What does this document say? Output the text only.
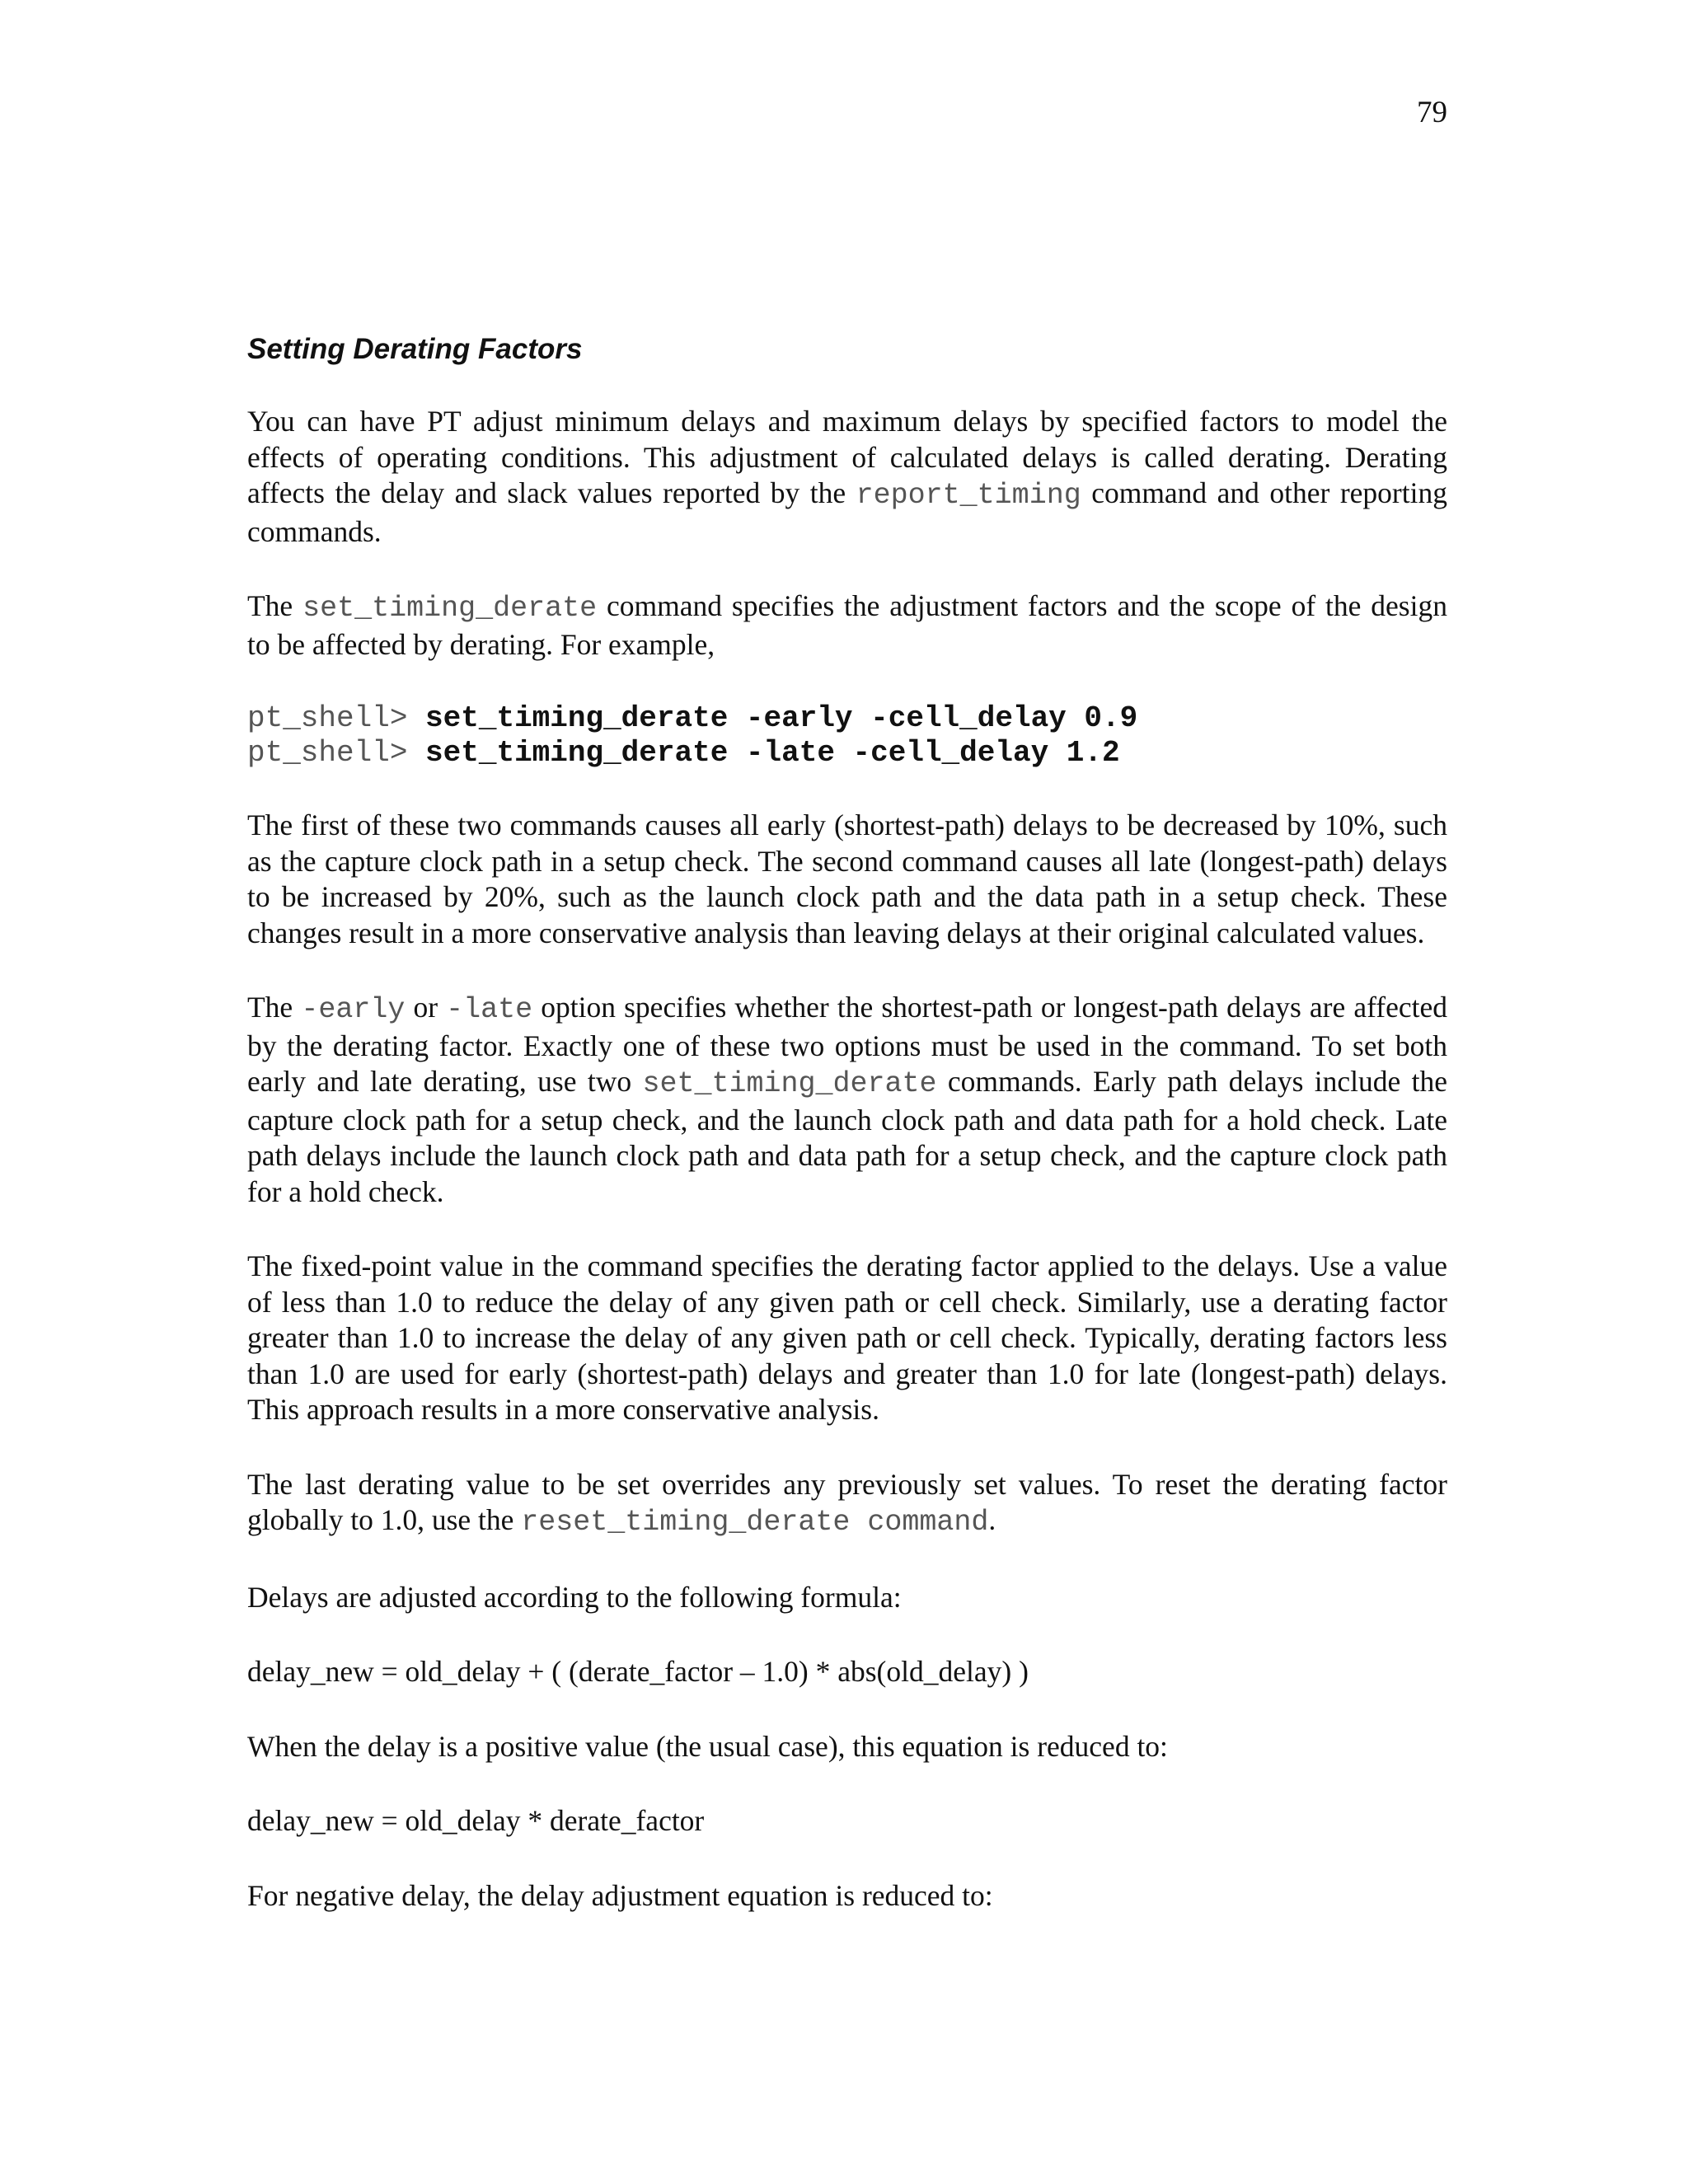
79
Setting Derating Factors

You can have PT adjust minimum delays and maximum delays by specified factors to model the effects of operating conditions. This adjustment of calculated delays is called derating. Derating affects the delay and slack values reported by the report_timing command and other reporting commands.

The set_timing_derate command specifies the adjustment factors and the scope of the design to be affected by derating. For example,

pt_shell> set_timing_derate -early -cell_delay 0.9
pt_shell> set_timing_derate -late -cell_delay 1.2

The first of these two commands causes all early (shortest-path) delays to be decreased by 10%, such as the capture clock path in a setup check. The second command causes all late (longest-path) delays to be increased by 20%, such as the launch clock path and the data path in a setup check. These changes result in a more conservative analysis than leaving delays at their original calculated values.

The -early or -late option specifies whether the shortest-path or longest-path delays are affected by the derating factor. Exactly one of these two options must be used in the command. To set both early and late derating, use two set_timing_derate commands. Early path delays include the capture clock path for a setup check, and the launch clock path and data path for a hold check. Late path delays include the launch clock path and data path for a setup check, and the capture clock path for a hold check.

The fixed-point value in the command specifies the derating factor applied to the delays. Use a value of less than 1.0 to reduce the delay of any given path or cell check. Similarly, use a derating factor greater than 1.0 to increase the delay of any given path or cell check. Typically, derating factors less than 1.0 are used for early (shortest-path) delays and greater than 1.0 for late (longest-path) delays. This approach results in a more conservative analysis.

The last derating value to be set overrides any previously set values. To reset the derating factor globally to 1.0, use the reset_timing_derate command.

Delays are adjusted according to the following formula:

delay_new = old_delay + ( (derate_factor – 1.0) * abs(old_delay) )

When the delay is a positive value (the usual case), this equation is reduced to:

delay_new = old_delay * derate_factor

For negative delay, the delay adjustment equation is reduced to:
